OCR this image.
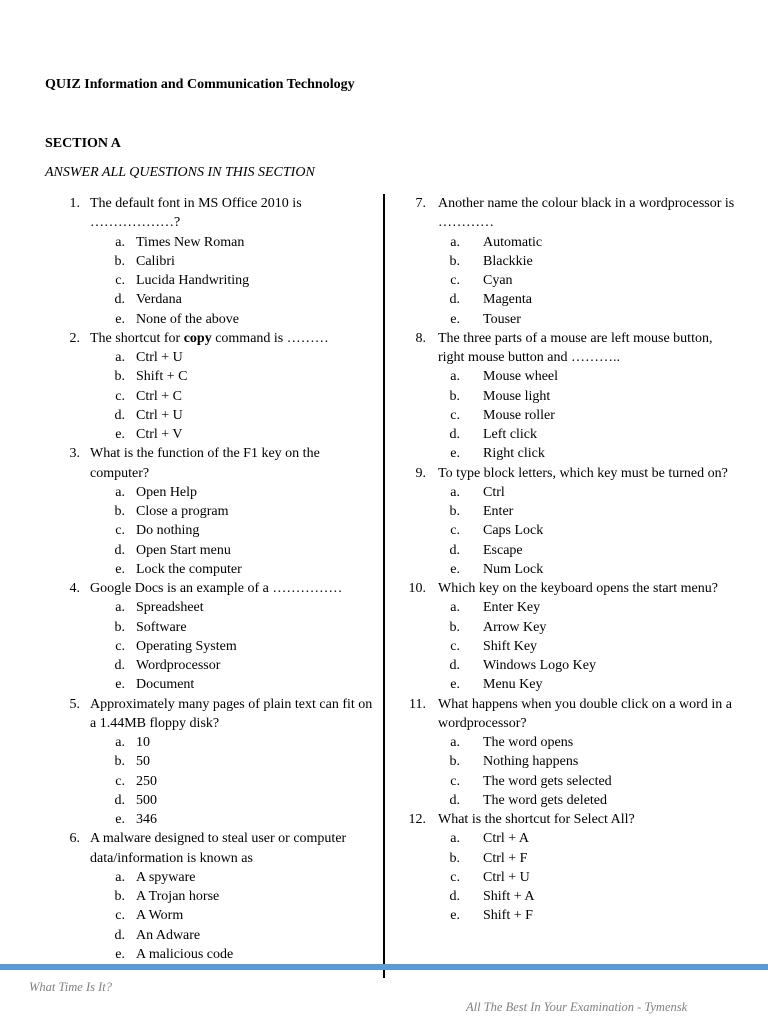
QUIZ Information and Communication Technology
SECTION A
ANSWER ALL QUESTIONS IN THIS SECTION
1. The default font in MS Office 2010 is ………………?
a. Times New Roman
b. Calibri
c. Lucida Handwriting
d. Verdana
e. None of the above
2. The shortcut for copy command is ………
a. Ctrl + U
b. Shift + C
c. Ctrl + C
d. Ctrl + U
e. Ctrl + V
3. What is the function of the F1 key on the computer?
a. Open Help
b. Close a program
c. Do nothing
d. Open Start menu
e. Lock the computer
4. Google Docs is an example of a ……………
a. Spreadsheet
b. Software
c. Operating System
d. Wordprocessor
e. Document
5. Approximately many pages of plain text can fit on a 1.44MB floppy disk?
a. 10
b. 50
c. 250
d. 500
e. 346
6. A malware designed to steal user or computer data/information is known as
a. A spyware
b. A Trojan horse
c. A Worm
d. An Adware
e. A malicious code
7. Another name the colour black in a wordprocessor is …………
a. Automatic
b. Blackkie
c. Cyan
d. Magenta
e. Touser
8. The three parts of a mouse are left mouse button, right mouse button and ………..
a. Mouse wheel
b. Mouse light
c. Mouse roller
d. Left click
e. Right click
9. To type block letters, which key must be turned on?
a. Ctrl
b. Enter
c. Caps Lock
d. Escape
e. Num Lock
10. Which key on the keyboard opens the start menu?
a. Enter Key
b. Arrow Key
c. Shift Key
d. Windows Logo Key
e. Menu Key
11. What happens when you double click on a word in a wordprocessor?
a. The word opens
b. Nothing happens
c. The word gets selected
d. The word gets deleted
12. What is the shortcut for Select All?
a. Ctrl + A
b. Ctrl + F
c. Ctrl + U
d. Shift + A
e. Shift + F
What Time Is It?
All The Best In Your Examination - Tymensk
